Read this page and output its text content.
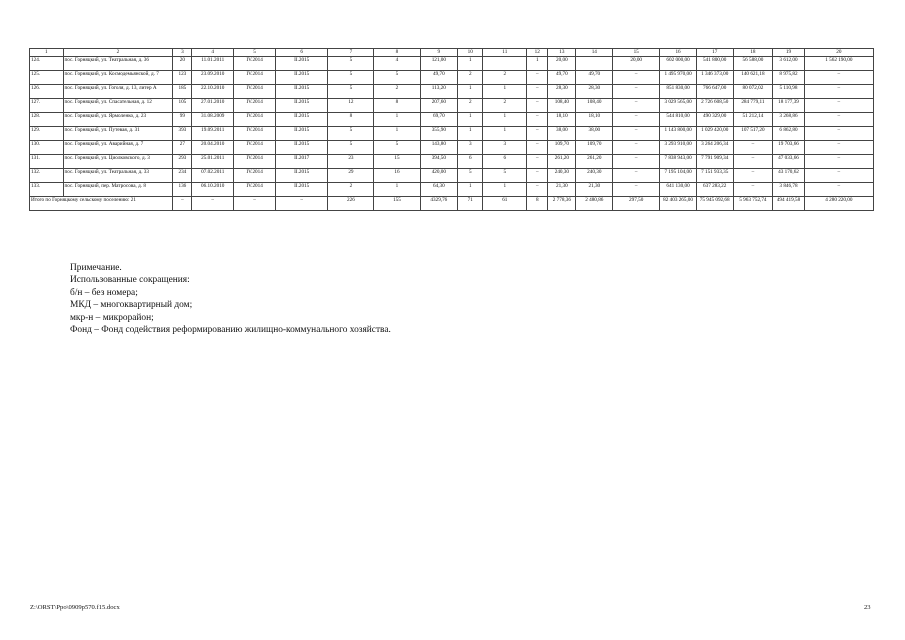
1	2	3	4	5	6	7	8	9	10	11	12	13	14	15	16	17	18	19	20
124.	пос. Горняцкий, ул. Театральная, д. 36	20	11.01.2011	IV.2014	II.2015	5	4	121,00	1		1	20,00		20,00	602 000,00	541 800,00	56 588,00	3 612,00	1 562 190,00
125.	пос. Горняцкий, ул. Космодемьянской, д. 7	123	23.09.2010	IV.2014	II.2015	5	5	49,70	2	2	–	49,70	49,70	–	1 495 970,00	1 346 373,00	140 621,18	8 975,82	–
126.	пос. Горняцкий, ул. Гоголя, д. 13, литер А	185	22.10.2010	IV.2014	II.2015	5	2	113,20	1	1	–	28,30	28,30	–	851 830,00	766 647,00	80 072,02	5 110,98	–
127.	пос. Горняцкий, ул. Спасательная, д. 12	105	27.01.2010	IV.2014	II.2015	12	8	207,60	2	2	–	108,40	108,40	–	3 029 565,00	2 726 608,50	284 779,11	18 177,39	–
128.	пос. Горняцкий, ул. Ярмоленко, д. 23	99	31.08.2009	IV.2014	II.2015	8	1	69,70	1	1	–	18,10	18,10	–	544 810,00	490 329,00	51 212,14	3 268,86	–
129.	пос. Горняцкий, ул. Путевая, д. 31	393	19.09.2011	IV.2014	II.2015	5	1	355,90	1	1	–	38,00	38,00	–	1 143 800,00	1 029 420,00	107 517,20	6 862,80	–
130.	пос. Горняцкий, ул. Аварийная, д. 7	27	20.04.2010	IV.2014	II.2015	5	5	143,80	3	3	–	109,70	109,70	–	3 293 910,00	3 264 206,34	–	19 703,66	–
131.	пос. Горняцкий, ул. Циолковского, д. 3	293	25.01.2011	IV.2014	II.2017	23	15	394,50	6	6	–	261,20	261,20	–	7 838 943,00	7 791 909,34	–	47 033,66	–
132.	пос. Горняцкий, ул. Театральная, д. 33	234	07.02.2011	IV.2014	II.2015	29	16	420,00	5	5	–	240,30	240,30	–	7 195 104,00	7 151 933,35	–	43 170,62	–
133.	пос. Горняцкий, пер. Матросова, д. 8	136	06.10.2010	IV.2014	II.2015	2	1	64,30	1	1	–	21,30	21,30	–	641 130,00	637 283,22	–	3 846,78	–
Итого по Горняцкому сельскому поселению: 21		–	–	–	–	226	155	4329,76	71	61	8	2 778,36	2 480,86	297,50	82 403 265,00	75 945 092,68	5 963 752,74	494 419,58	4 280 220,00
Примечание.
Использованные сокращения:
б/н – без номера;
МКД – многоквартирный дом;
мкр-н – микрорайон;
Фонд – Фонд содействия реформированию жилищно-коммунального хозяйства.
Z:\ORST\Ppo\0909p570.f15.docx	23
